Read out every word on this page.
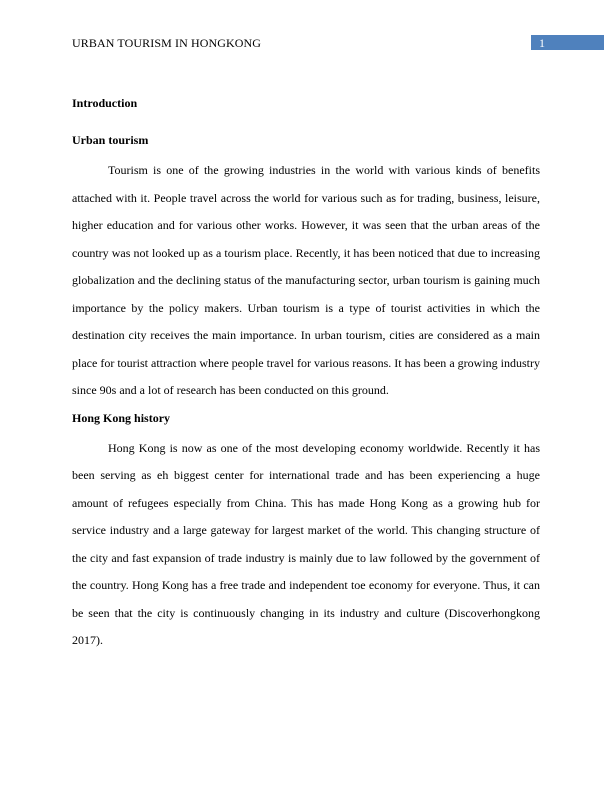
URBAN TOURISM IN HONGKONG	1

Introduction

Urban tourism

Tourism is one of the growing industries in the world with various kinds of benefits attached with it. People travel across the world for various such as for trading, business, leisure, higher education and for various other works. However, it was seen that the urban areas of the country was not looked up as a tourism place. Recently, it has been noticed that due to increasing globalization and the declining status of the manufacturing sector, urban tourism is gaining much importance by the policy makers. Urban tourism is a type of tourist activities in which the destination city receives the main importance. In urban tourism, cities are considered as a main place for tourist attraction where people travel for various reasons. It has been a growing industry since 90s and a lot of research has been conducted on this ground.

Hong Kong history

Hong Kong is now as one of the most developing economy worldwide. Recently it has been serving as eh biggest center for international trade and has been experiencing a huge amount of refugees especially from China. This has made Hong Kong as a growing hub for service industry and a large gateway for largest market of the world. This changing structure of the city and fast expansion of trade industry is mainly due to law followed by the government of the country. Hong Kong has a free trade and independent toe economy for everyone. Thus, it can be seen that the city is continuously changing in its industry and culture (Discoverhongkong 2017).
